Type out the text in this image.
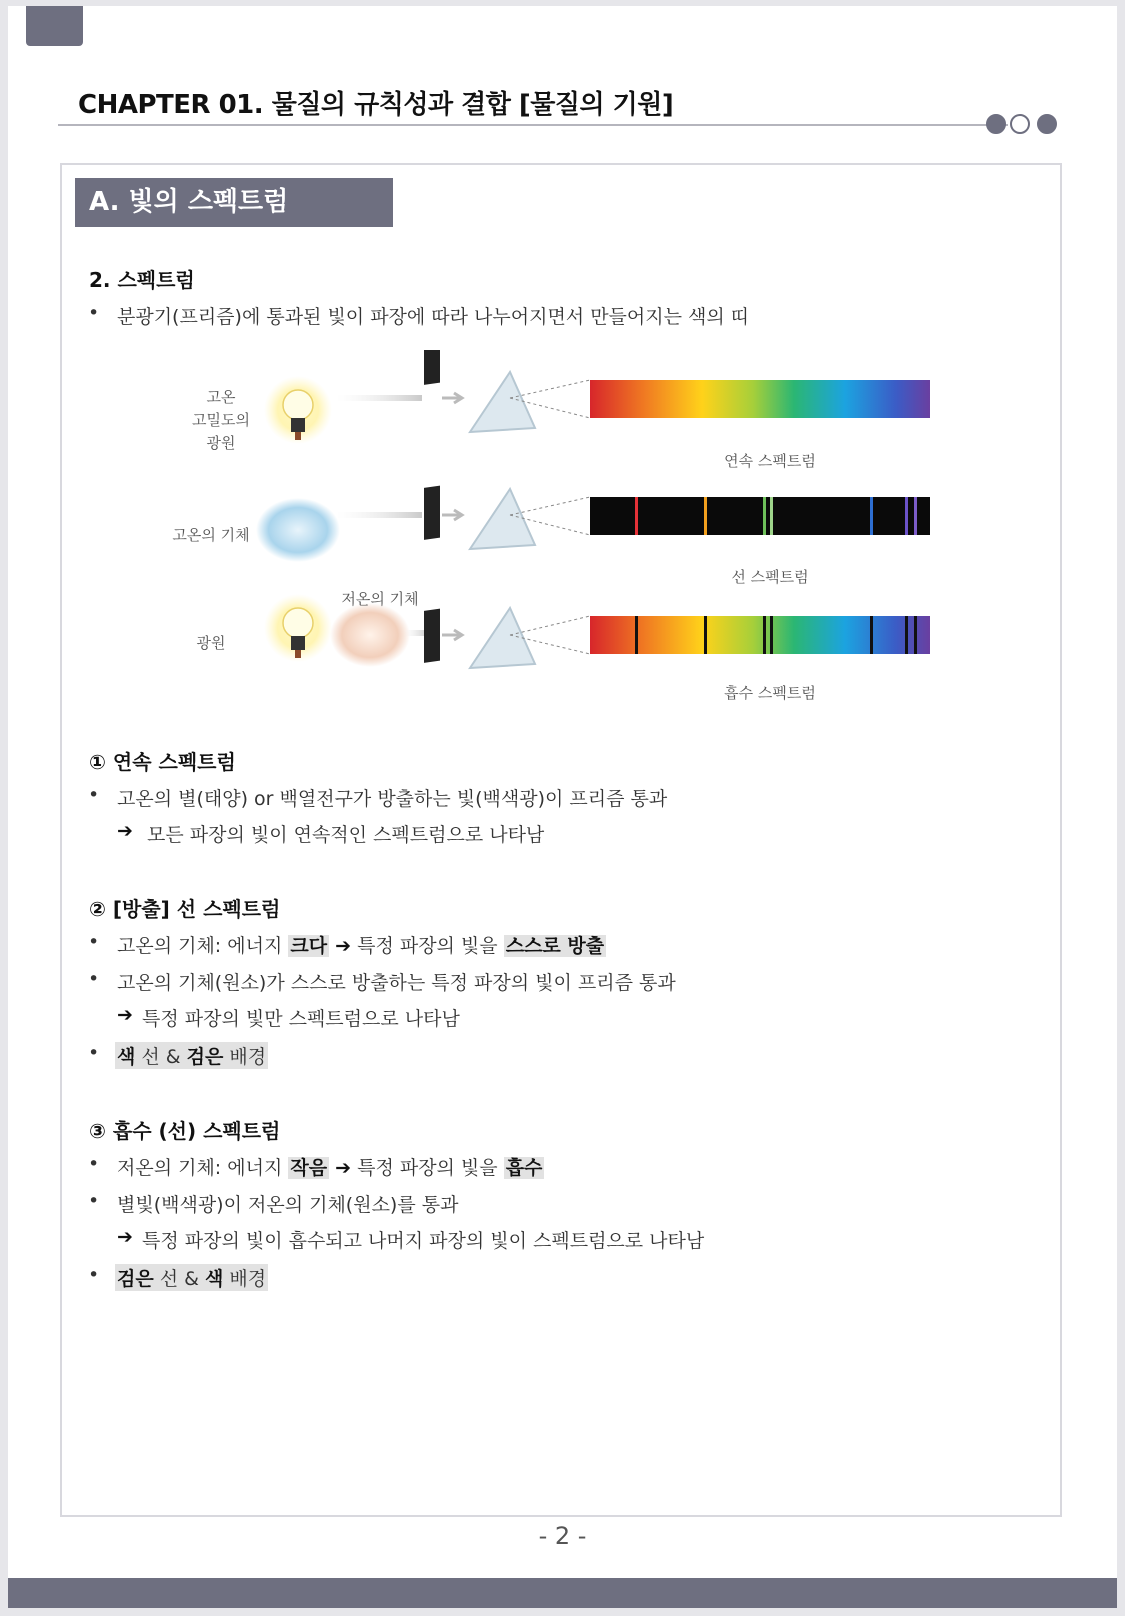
CHAPTER 01. 물질의 규칙성과 결합 [물질의 기원]
A. 빛의 스펙트럼
2. 스펙트럼
• 분광기(프리즘)에 통과된 빛이 파장에 따라 나누어지면서 만들어지는 색의 띠
고온
고밀도의
광원
연속 스펙트럼
고온의 기체
선 스펙트럼
저온의 기체
광원
흡수 스펙트럼
① 연속 스펙트럼
• 고온의 별(태양) or 백열전구가 방출하는 빛(백색광)이 프리즘 통과
➔ 모든 파장의 빛이 연속적인 스펙트럼으로 나타남
② [방출] 선 스펙트럼
• 고온의 기체: 에너지 크다 ➔ 특정 파장의 빛을 스스로 방출
• 고온의 기체(원소)가 스스로 방출하는 특정 파장의 빛이 프리즘 통과
➔ 특정 파장의 빛만 스펙트럼으로 나타남
• 색 선 & 검은 배경
③ 흡수 (선) 스펙트럼
• 저온의 기체: 에너지 작음 ➔ 특정 파장의 빛을 흡수
• 별빛(백색광)이 저온의 기체(원소)를 통과
➔ 특정 파장의 빛이 흡수되고 나머지 파장의 빛이 스펙트럼으로 나타남
• 검은 선 & 색 배경
- 2 -
